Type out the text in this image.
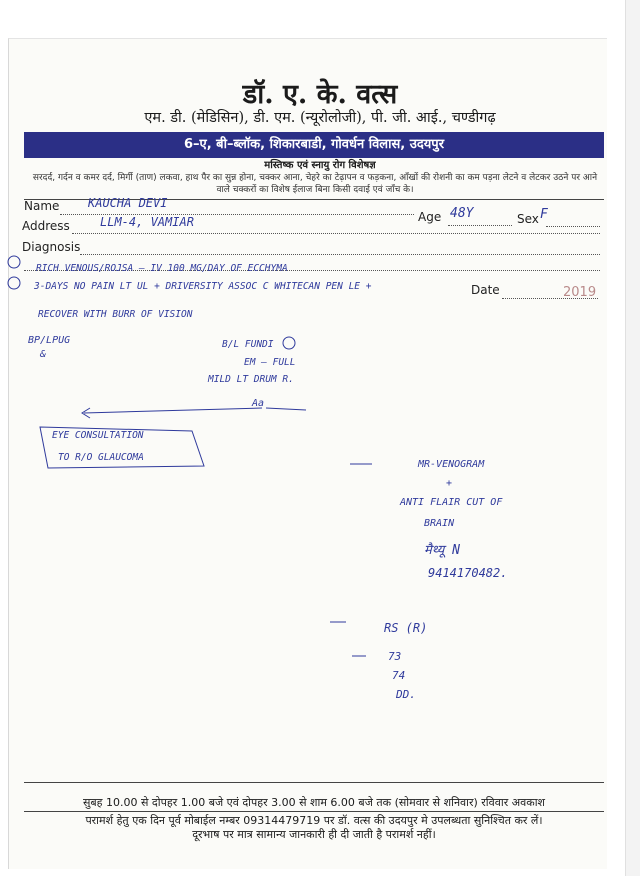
डॉ. ए. के. वत्स
एम. डी. (मेडिसिन), डी. एम. (न्यूरोलोजी), पी. जी. आई., चण्डीगढ़
6–ए, बी–ब्लॉक, शिकारबाडी, गोवर्धन विलास, उदयपुर
मस्तिष्क एवं स्नायु रोग विशेषज्ञ
सरदर्द, गर्दन व कमर दर्द, मिर्गी (ताण) लकवा, हाथ पैर का सुन्न होना, चक्कर आना, चेहरे का टेढ़ापन व फड़कना, आँखों की रोशनी का कम पड़ना लेटने व लेटकर उठने पर आने वाले चक्करों का विशेष ईलाज बिना किसी दवाई एवं जाँच के।
Name KAUCHA DEVI
Age 48Y	Sex F
Address	LLM-4, VAMIAR
Diagnosis
Date	2019
RICH VENOUS/ROJSA — IV 100 MG/DAY OF ECCHYMA
3-DAYS NO PAIN LT UL + DRIVERSITY ASSOC C WHITECAN PEN LE +
RECOVER WITH BURR OF VISION
BP/LPUG
&
B/L FUNDI
EM — FULL
MILD LT DRUM R.
Aa
EYE CONSULTATION
TO R/O GLAUCOMA
MR-VENOGRAM
+
ANTI FLAIR CUT OF
BRAIN
मैथ्यू N
9414170482.
RS (R)
73
74
DD.
सुबह 10.00 से दोपहर 1.00 बजे एवं दोपहर 3.00 से शाम 6.00 बजे तक (सोमवार से शनिवार) रविवार अवकाश
परामर्श हेतु एक दिन पूर्व मोबाईल नम्बर 09314479719 पर डॉ. वत्स की उदयपुर मे उपलब्धता सुनिश्चित कर लें।
दूरभाष पर मात्र सामान्य जानकारी ही दी जाती है परामर्श नहीं।
